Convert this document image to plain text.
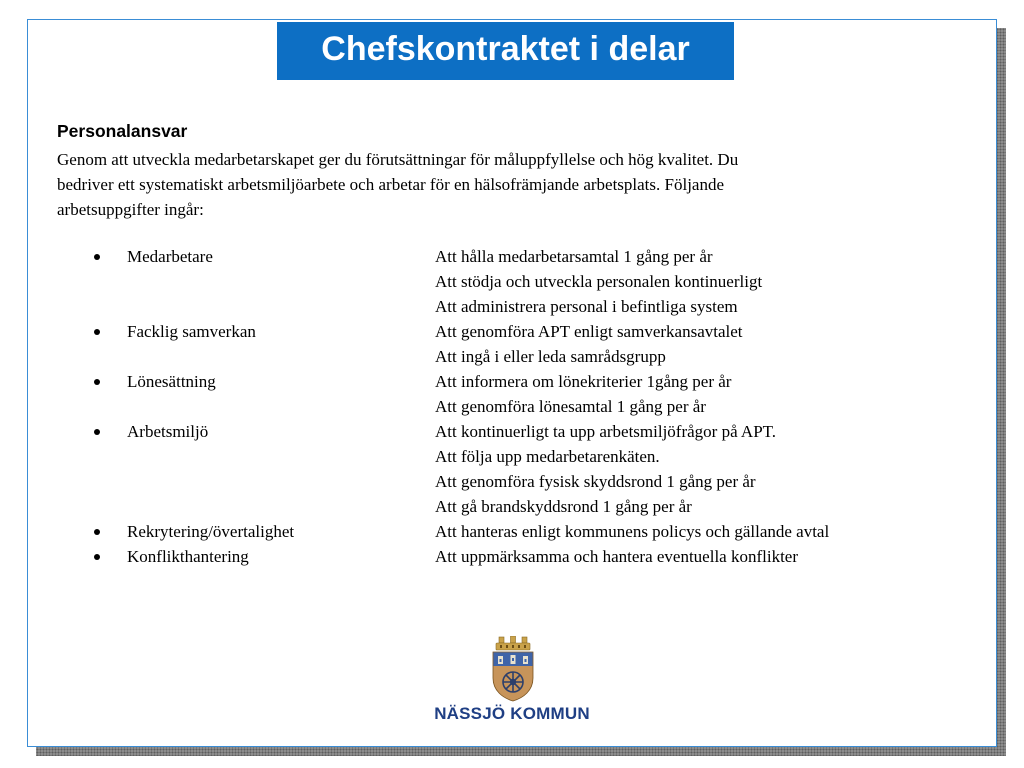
Chefskontraktet i delar
Personalansvar

Genom att utveckla medarbetarskapet ger du förutsättningar för måluppfyllelse och hög kvalitet. Du

bedriver ett systematiskt arbetsmiljöarbete och arbetar för en hälsofrämjande arbetsplats. Följande

arbetsuppgifter ingår:

Medarbetare	Att hålla medarbetarsamtal 1 gång per år
Att stödja och utveckla personalen kontinuerligt
Att administrera personal i befintliga system
Facklig samverkan	Att genomföra APT enligt samverkansavtalet
Att ingå i eller leda samrådsgrupp
Lönesättning	Att informera om lönekriterier 1gång per år
Att genomföra lönesamtal 1 gång per år
Arbetsmiljö	Att kontinuerligt ta upp arbetsmiljöfrågor på APT.
Att följa upp medarbetarenkäten.
Att genomföra fysisk skyddsrond 1 gång per år
Att gå brandskyddsrond 1 gång per år
Rekrytering/övertalighet	Att hanteras enligt kommunens policys och gällande avtal
Konflikthantering	Att uppmärksamma och hantera eventuella konflikter
NÄSSJÖ KOMMUN
